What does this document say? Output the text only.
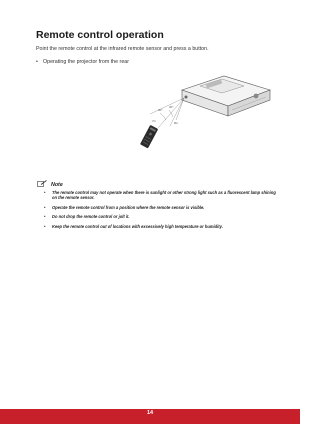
Remote control operation
Point the remote control at the infrared remote sensor and press a button.
• Operating the projector from the rear
30°
30°
7m	8m
Note
• The remote control may not operate when there is sunlight or other strong light such as a fluorescent lamp shining on the remote sensor.
• Operate the remote control from a position where the remote sensor is visible.
• Do not drop the remote control or jolt it.
• Keep the remote control out of locations with excessively high temperature or humidity.
14
